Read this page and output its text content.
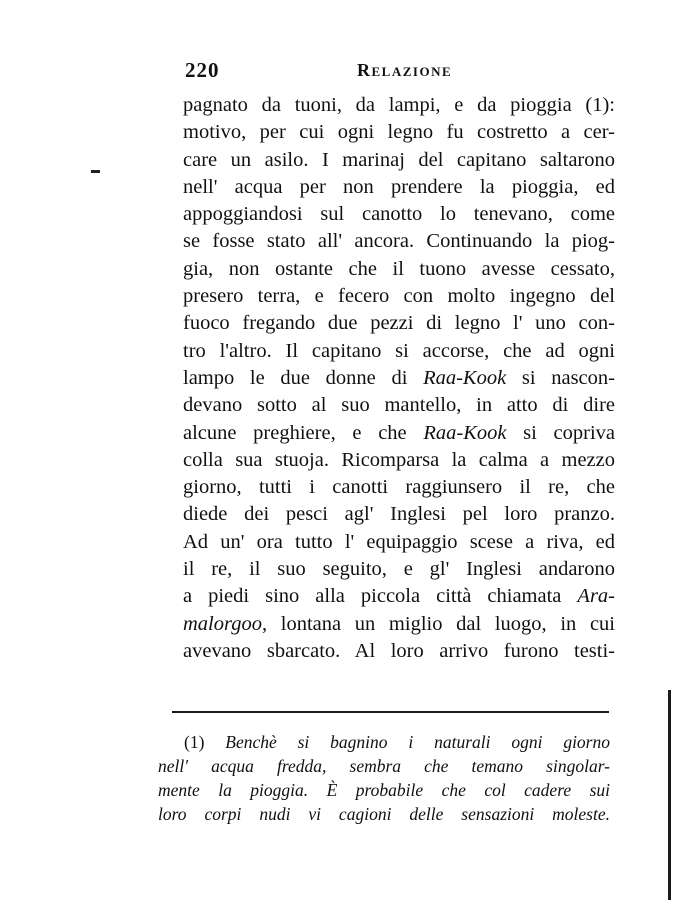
220	Relazione
pagnato da tuoni, da lampi, e da pioggia (1):
motivo, per cui ogni legno fu costretto a cer-
care un asilo. I marinaj del capitano saltarono
nell' acqua per non prendere la pioggia, ed
appoggiandosi sul canotto lo tenevano, come
se fosse stato all' ancora. Continuando la piog-
gia, non ostante che il tuono avesse cessato,
presero terra, e fecero con molto ingegno del
fuoco fregando due pezzi di legno l' uno con-
tro l'altro. Il capitano si accorse, che ad ogni
lampo le due donne di Raa-Kook si nascon-
devano sotto al suo mantello, in atto di dire
alcune preghiere, e che Raa-Kook si copriva
colla sua stuoja. Ricomparsa la calma a mezzo
giorno, tutti i canotti raggiunsero il re, che
diede dei pesci agl' Inglesi pel loro pranzo.
Ad un' ora tutto l' equipaggio scese a riva, ed
il re, il suo seguito, e gl' Inglesi andarono
a piedi sino alla piccola città chiamata Ara-
malorgoo, lontana un miglio dal luogo, in cui
avevano sbarcato. Al loro arrivo furono testi-
(1) Benchè si bagnino i naturali ogni giorno
nell' acqua fredda, sembra che temano singolar-
mente la pioggia. È probabile che col cadere sui
loro corpi nudi vi cagioni delle sensazioni moleste.
